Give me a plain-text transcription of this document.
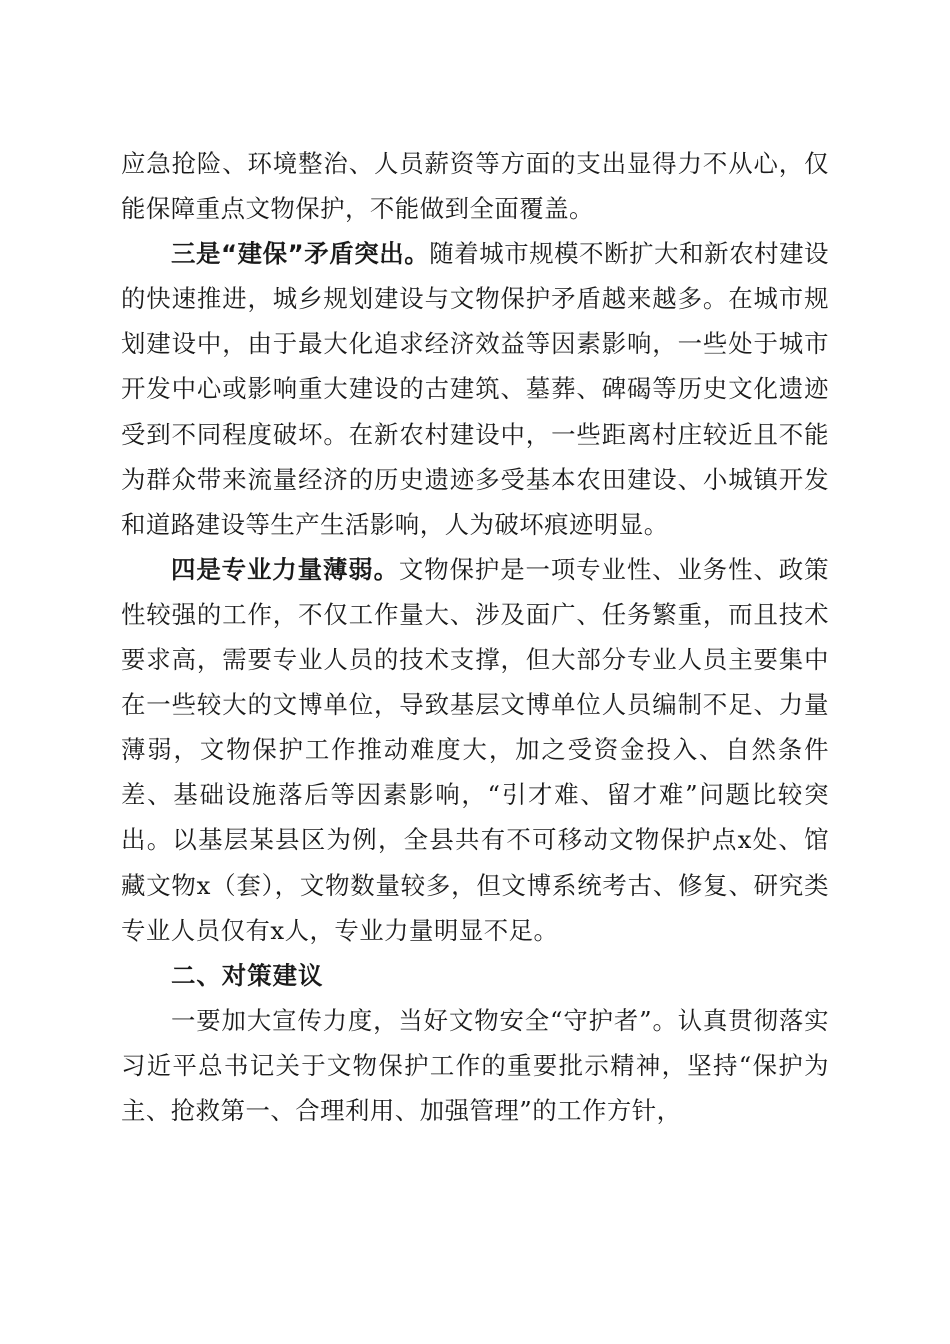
应急抢险、环境整治、人员薪资等方面的支出显得力不从心，仅能保障重点文物保护，不能做到全面覆盖。

三是“建保”矛盾突出。随着城市规模不断扩大和新农村建设的快速推进，城乡规划建设与文物保护矛盾越来越多。在城市规划建设中，由于最大化追求经济效益等因素影响，一些处于城市开发中心或影响重大建设的古建筑、墓葬、碑碣等历史文化遗迹受到不同程度破坏。在新农村建设中，一些距离村庄较近且不能为群众带来流量经济的历史遗迹多受基本农田建设、小城镇开发和道路建设等生产生活影响，人为破坏痕迹明显。

四是专业力量薄弱。文物保护是一项专业性、业务性、政策性较强的工作，不仅工作量大、涉及面广、任务繁重，而且技术要求高，需要专业人员的技术支撑，但大部分专业人员主要集中在一些较大的文博单位，导致基层文博单位人员编制不足、力量薄弱，文物保护工作推动难度大，加之受资金投入、自然条件差、基础设施落后等因素影响，“引才难、留才难”问题比较突出。以基层某县区为例，全县共有不可移动文物保护点x处、馆藏文物x（套），文物数量较多，但文博系统考古、修复、研究类专业人员仅有x人，专业力量明显不足。

二、对策建议

一要加大宣传力度，当好文物安全“守护者”。认真贯彻落实习近平总书记关于文物保护工作的重要批示精神，坚持“保护为主、抢救第一、合理利用、加强管理”的工作方针，
